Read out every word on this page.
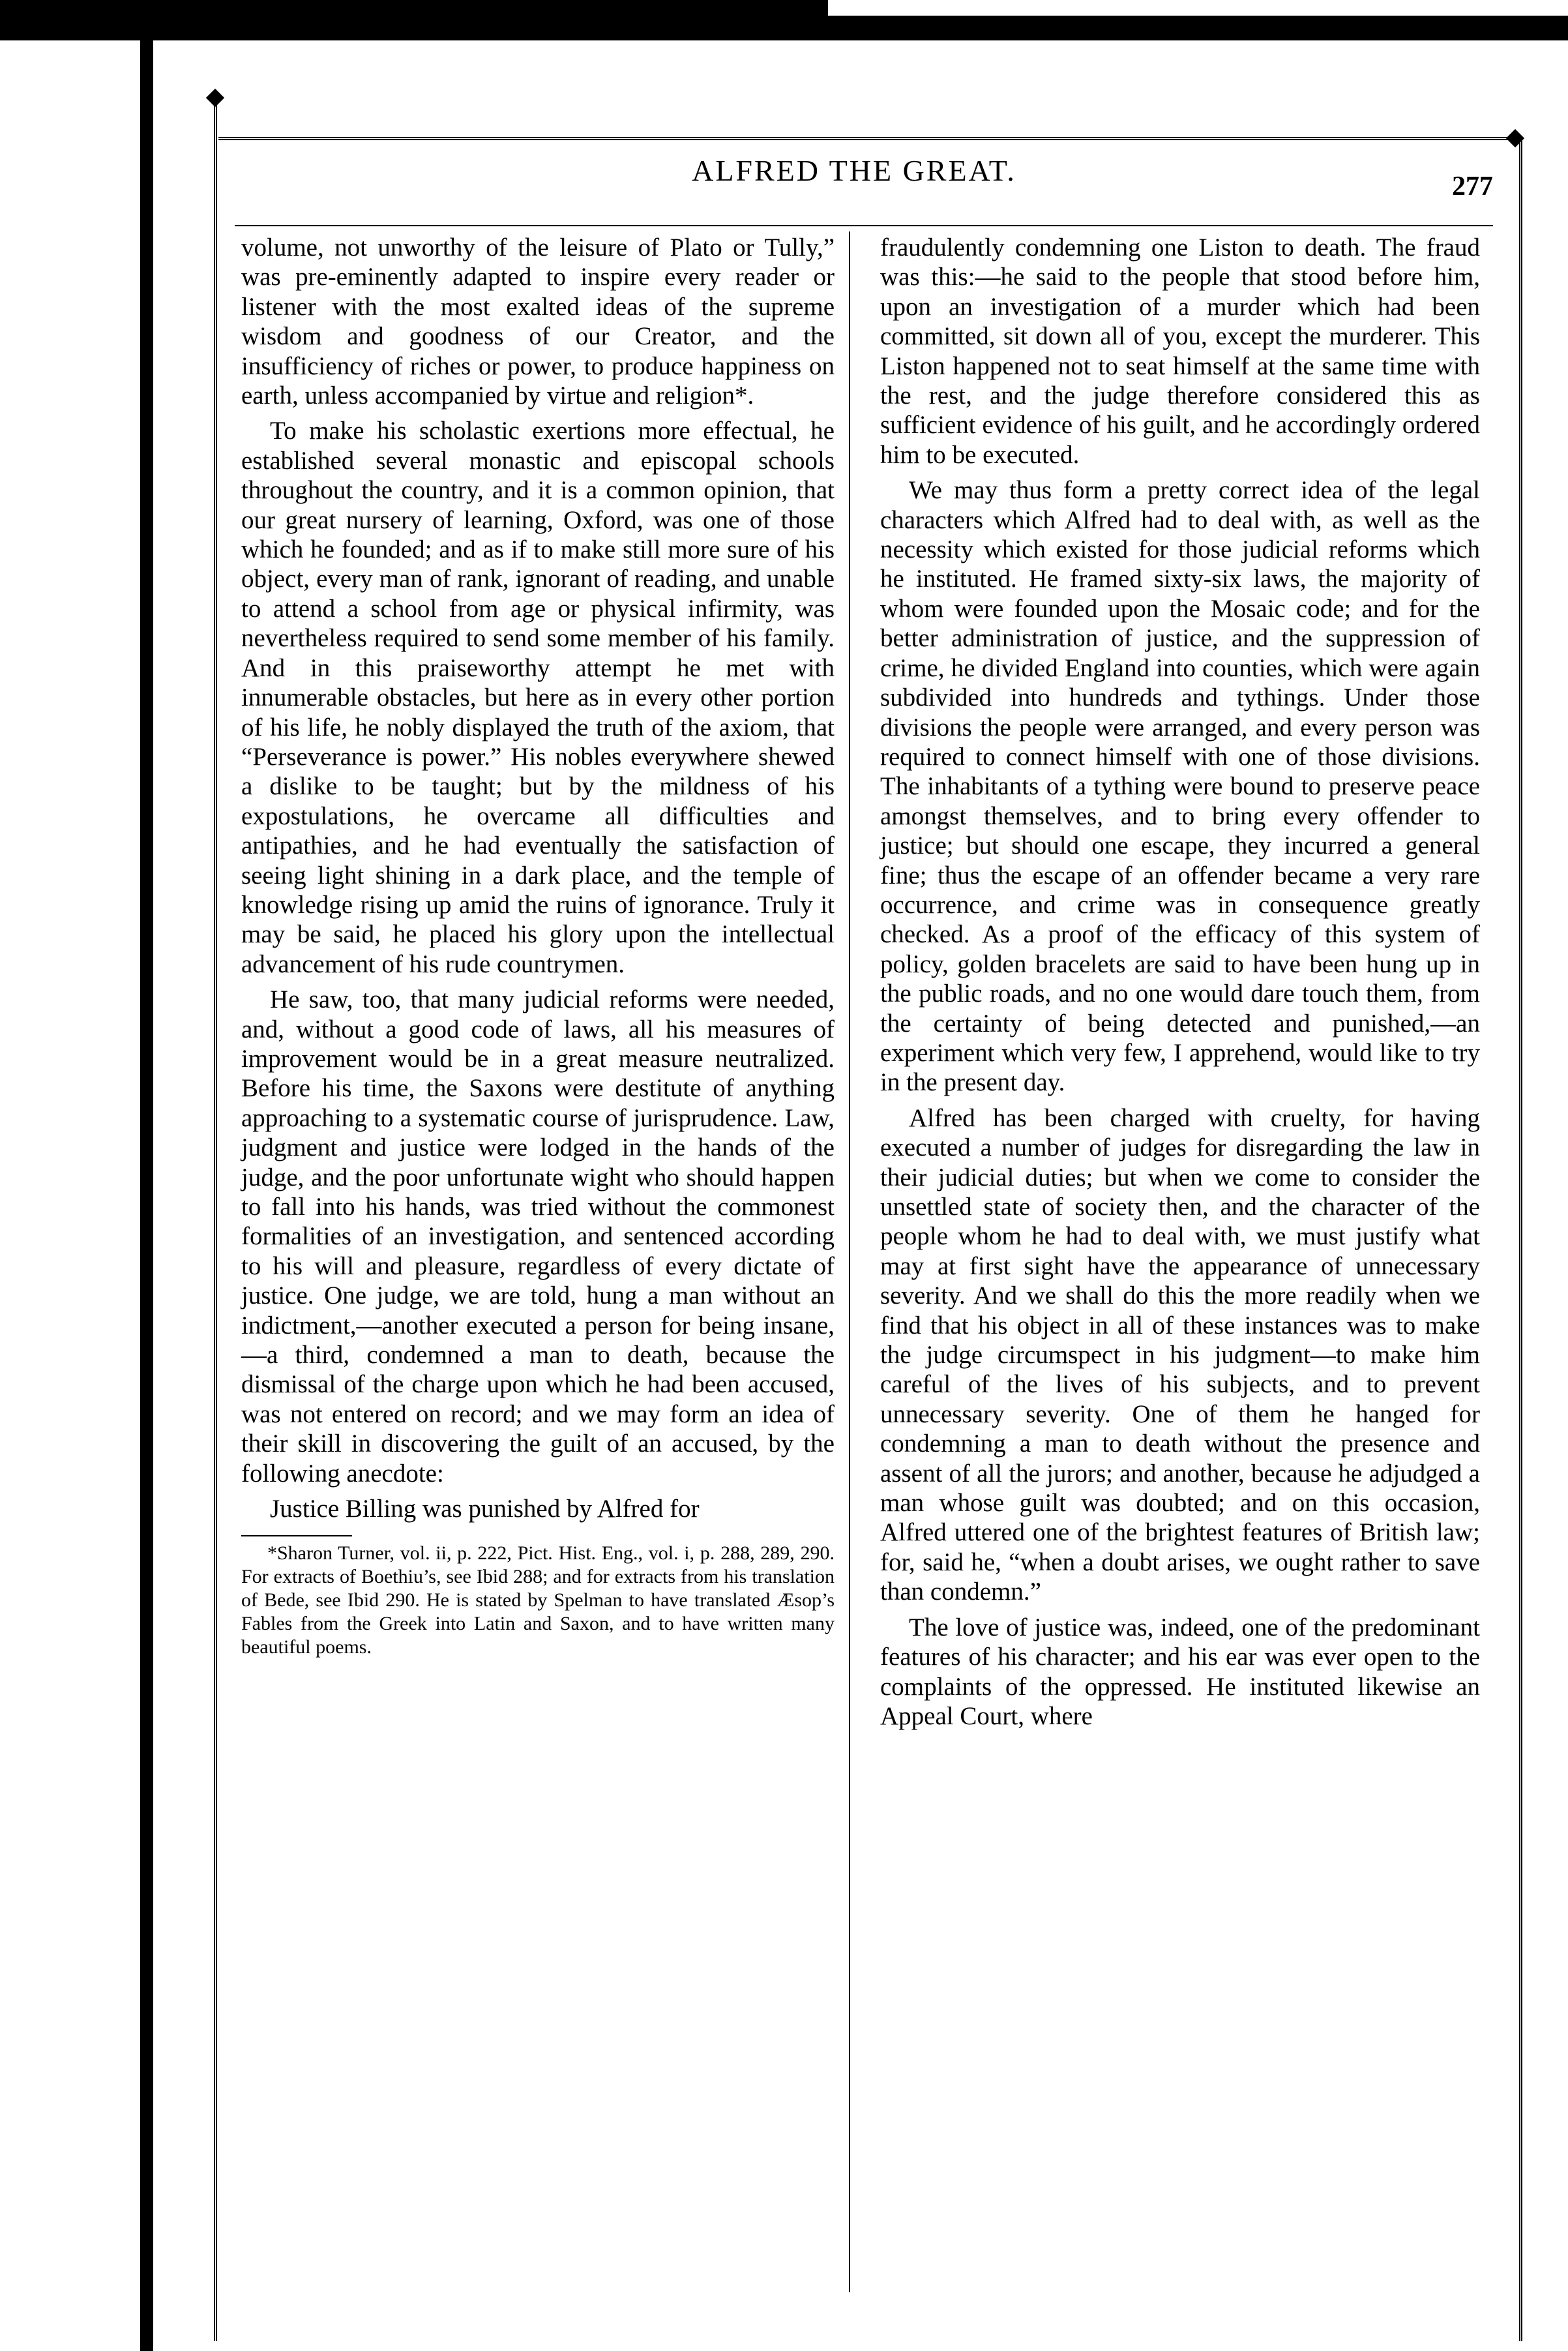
ALFRED THE GREAT.	277

volume, not unworthy of the leisure of Plato or Tully,” was pre-eminently adapted to inspire every reader or listener with the most exalted ideas of the supreme wisdom and goodness of our Creator, and the insufficiency of riches or power, to produce happiness on earth, unless accompanied by virtue and religion*.

To make his scholastic exertions more effectual, he established several monastic and episcopal schools throughout the country, and it is a common opinion, that our great nursery of learning, Oxford, was one of those which he founded; and as if to make still more sure of his object, every man of rank, ignorant of reading, and unable to attend a school from age or physical infirmity, was nevertheless required to send some member of his family. And in this praiseworthy attempt he met with innumerable obstacles, but here as in every other portion of his life, he nobly displayed the truth of the axiom, that “Perseverance is power.” His nobles everywhere shewed a dislike to be taught; but by the mildness of his expostulations, he overcame all difficulties and antipathies, and he had eventually the satisfaction of seeing light shining in a dark place, and the temple of knowledge rising up amid the ruins of ignorance. Truly it may be said, he placed his glory upon the intellectual advancement of his rude countrymen.

He saw, too, that many judicial reforms were needed, and, without a good code of laws, all his measures of improvement would be in a great measure neutralized. Before his time, the Saxons were destitute of anything approaching to a systematic course of jurisprudence. Law, judgment and justice were lodged in the hands of the judge, and the poor unfortunate wight who should happen to fall into his hands, was tried without the commonest formalities of an investigation, and sentenced according to his will and pleasure, regardless of every dictate of justice. One judge, we are told, hung a man without an indictment,—another executed a person for being insane,—a third, condemned a man to death, because the dismissal of the charge upon which he had been accused, was not entered on record; and we may form an idea of their skill in discovering the guilt of an accused, by the following anecdote:

Justice Billing was punished by Alfred for

*Sharon Turner, vol. ii, p. 222, Pict. Hist. Eng., vol. i, p. 288, 289, 290. For extracts of Boethiu’s, see Ibid 288; and for extracts from his translation of Bede, see Ibid 290. He is stated by Spelman to have translated Æsop’s Fables from the Greek into Latin and Saxon, and to have written many beautiful poems.

fraudulently condemning one Liston to death. The fraud was this:—he said to the people that stood before him, upon an investigation of a murder which had been committed, sit down all of you, except the murderer. This Liston happened not to seat himself at the same time with the rest, and the judge therefore considered this as sufficient evidence of his guilt, and he accordingly ordered him to be executed.

We may thus form a pretty correct idea of the legal characters which Alfred had to deal with, as well as the necessity which existed for those judicial reforms which he instituted. He framed sixty-six laws, the majority of whom were founded upon the Mosaic code; and for the better administration of justice, and the suppression of crime, he divided England into counties, which were again subdivided into hundreds and tythings. Under those divisions the people were arranged, and every person was required to connect himself with one of those divisions. The inhabitants of a tything were bound to preserve peace amongst themselves, and to bring every offender to justice; but should one escape, they incurred a general fine; thus the escape of an offender became a very rare occurrence, and crime was in consequence greatly checked. As a proof of the efficacy of this system of policy, golden bracelets are said to have been hung up in the public roads, and no one would dare touch them, from the certainty of being detected and punished,—an experiment which very few, I apprehend, would like to try in the present day.

Alfred has been charged with cruelty, for having executed a number of judges for disregarding the law in their judicial duties; but when we come to consider the unsettled state of society then, and the character of the people whom he had to deal with, we must justify what may at first sight have the appearance of unnecessary severity. And we shall do this the more readily when we find that his object in all of these instances was to make the judge circumspect in his judgment—to make him careful of the lives of his subjects, and to prevent unnecessary severity. One of them he hanged for condemning a man to death without the presence and assent of all the jurors; and another, because he adjudged a man whose guilt was doubted; and on this occasion, Alfred uttered one of the brightest features of British law; for, said he, “when a doubt arises, we ought rather to save than condemn.”

The love of justice was, indeed, one of the predominant features of his character; and his ear was ever open to the complaints of the oppressed. He instituted likewise an Appeal Court, where
